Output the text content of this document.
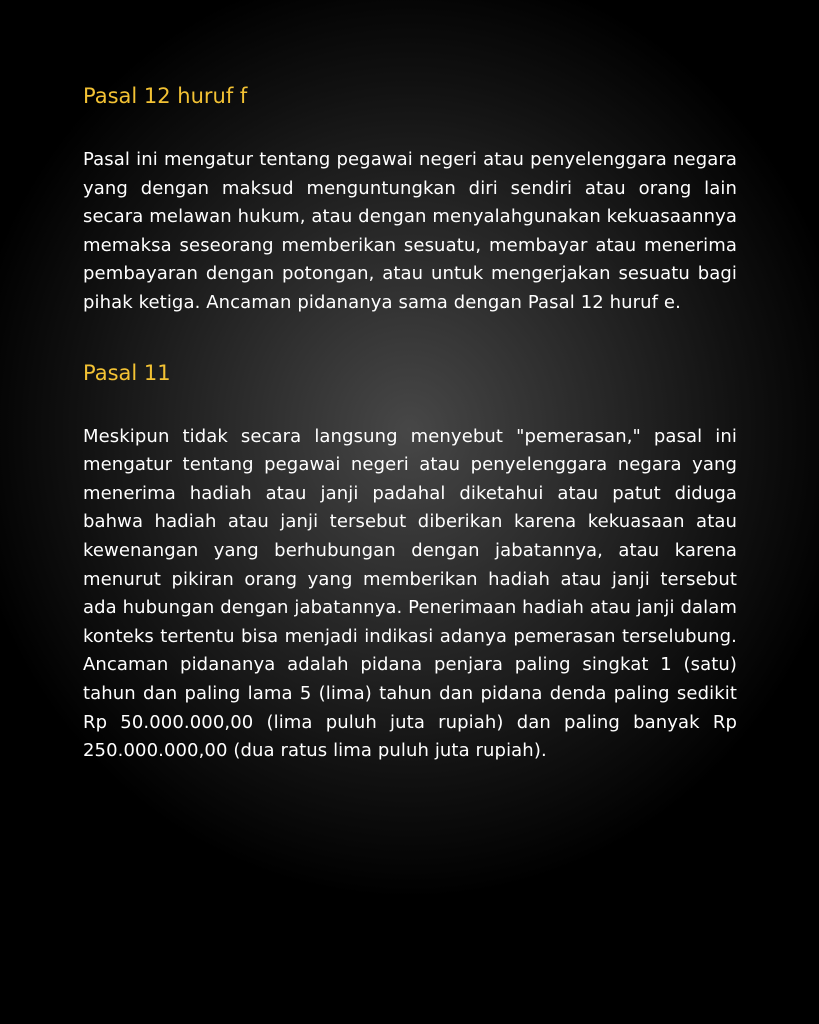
Pasal 12 huruf f

Pasal ini mengatur tentang pegawai negeri atau penyelenggara negara yang dengan maksud menguntungkan diri sendiri atau orang lain secara melawan hukum, atau dengan menyalahgunakan kekuasaannya memaksa seseorang memberikan sesuatu, membayar atau menerima pembayaran dengan potongan, atau untuk mengerjakan sesuatu bagi pihak ketiga. Ancaman pidananya sama dengan Pasal 12 huruf e.

Pasal 11

Meskipun tidak secara langsung menyebut "pemerasan," pasal ini mengatur tentang pegawai negeri atau penyelenggara negara yang menerima hadiah atau janji padahal diketahui atau patut diduga bahwa hadiah atau janji tersebut diberikan karena kekuasaan atau kewenangan yang berhubungan dengan jabatannya, atau karena menurut pikiran orang yang memberikan hadiah atau janji tersebut ada hubungan dengan jabatannya. Penerimaan hadiah atau janji dalam konteks tertentu bisa menjadi indikasi adanya pemerasan terselubung. Ancaman pidananya adalah pidana penjara paling singkat 1 (satu) tahun dan paling lama 5 (lima) tahun dan pidana denda paling sedikit Rp 50.000.000,00 (lima puluh juta rupiah) dan paling banyak Rp 250.000.000,00 (dua ratus lima puluh juta rupiah).
